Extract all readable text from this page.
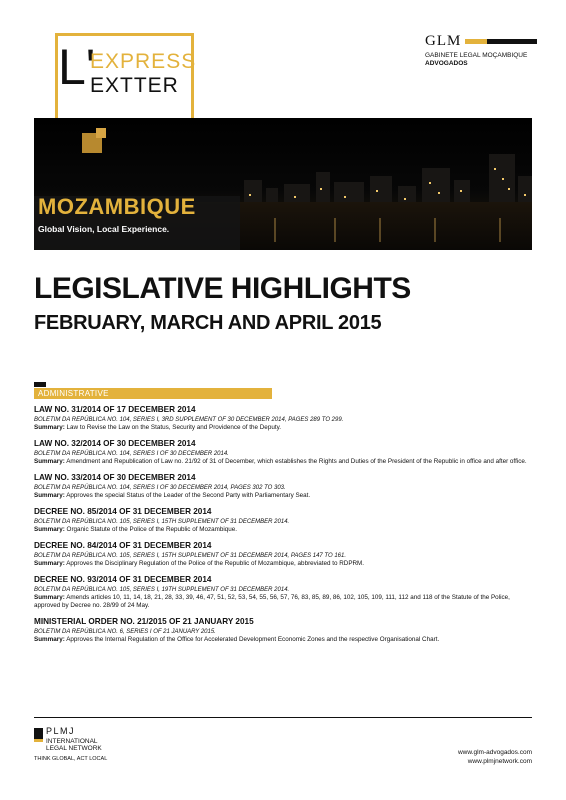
L'
EXPRESS
EXTTER
GLM
GABINETE LEGAL MOÇAMBIQUE
ADVOGADOS
MOZAMBIQUE
Global Vision, Local Experience.
LEGISLATIVE HIGHLIGHTS
FEBRUARY, MARCH AND APRIL 2015
ADMINISTRATIVE
LAW NO. 31/2014 OF 17 DECEMBER 2014
BOLETIM DA REPÚBLICA NO. 104, SERIES I, 3RD SUPPLEMENT OF 30 DECEMBER 2014, PAGES 289 TO 299.
Summary: Law to Revise the Law on the Status, Security and Providence of the Deputy.
LAW NO. 32/2014 OF 30 DECEMBER 2014
BOLETIM DA REPÚBLICA NO. 104, SERIES I OF 30 DECEMBER 2014.
Summary: Amendment and Republication of Law no. 21/92 of 31 of December, which establishes the Rights and Duties of the President of the Republic in office and after office.
LAW NO. 33/2014 OF 30 DECEMBER 2014
BOLETIM DA REPÚBLICA NO. 104, SERIES I OF 30 DECEMBER 2014, PAGES 302 TO 303.
Summary: Approves the special Status of the Leader of the Second Party with Parliamentary Seat.
DECREE NO. 85/2014 OF 31 DECEMBER 2014
BOLETIM DA REPÚBLICA NO. 105, SERIES I, 15TH SUPPLEMENT OF 31 DECEMBER 2014.
Summary: Organic Statute of the Police of the Republic of Mozambique.
DECREE NO. 84/2014 OF 31 DECEMBER 2014
BOLETIM DA REPÚBLICA NO. 105, SERIES I, 15TH SUPPLEMENT OF 31 DECEMBER 2014, PAGES 147 TO 161.
Summary: Approves the Disciplinary Regulation of the Police of the Republic of Mozambique, abbreviated to RDPRM.
DECREE NO. 93/2014 OF 31 DECEMBER 2014
BOLETIM DA REPÚBLICA NO. 105, SERIES I, 19TH SUPPLEMENT OF 31 DECEMBER 2014.
Summary: Amends articles 10, 11, 14, 18, 21, 28, 33, 39, 46, 47, 51, 52, 53, 54, 55, 56, 57, 76, 83, 85, 89, 86, 102, 105, 109, 111, 112 and 118 of the Statute of the Police, approved by Decree no. 28/99 of 24 May.
MINISTERIAL ORDER NO. 21/2015 OF 21 JANUARY 2015
BOLETIM DA REPÚBLICA NO. 6, SERIES I OF 21 JANUARY 2015.
Summary: Approves the Internal Regulation of the Office for Accelerated Development Economic Zones and the respective Organisational Chart.
PLMJ
INTERNATIONAL
LEGAL NETWORK
THINK GLOBAL, ACT LOCAL
www.glm-advogados.com
www.plmjnetwork.com
